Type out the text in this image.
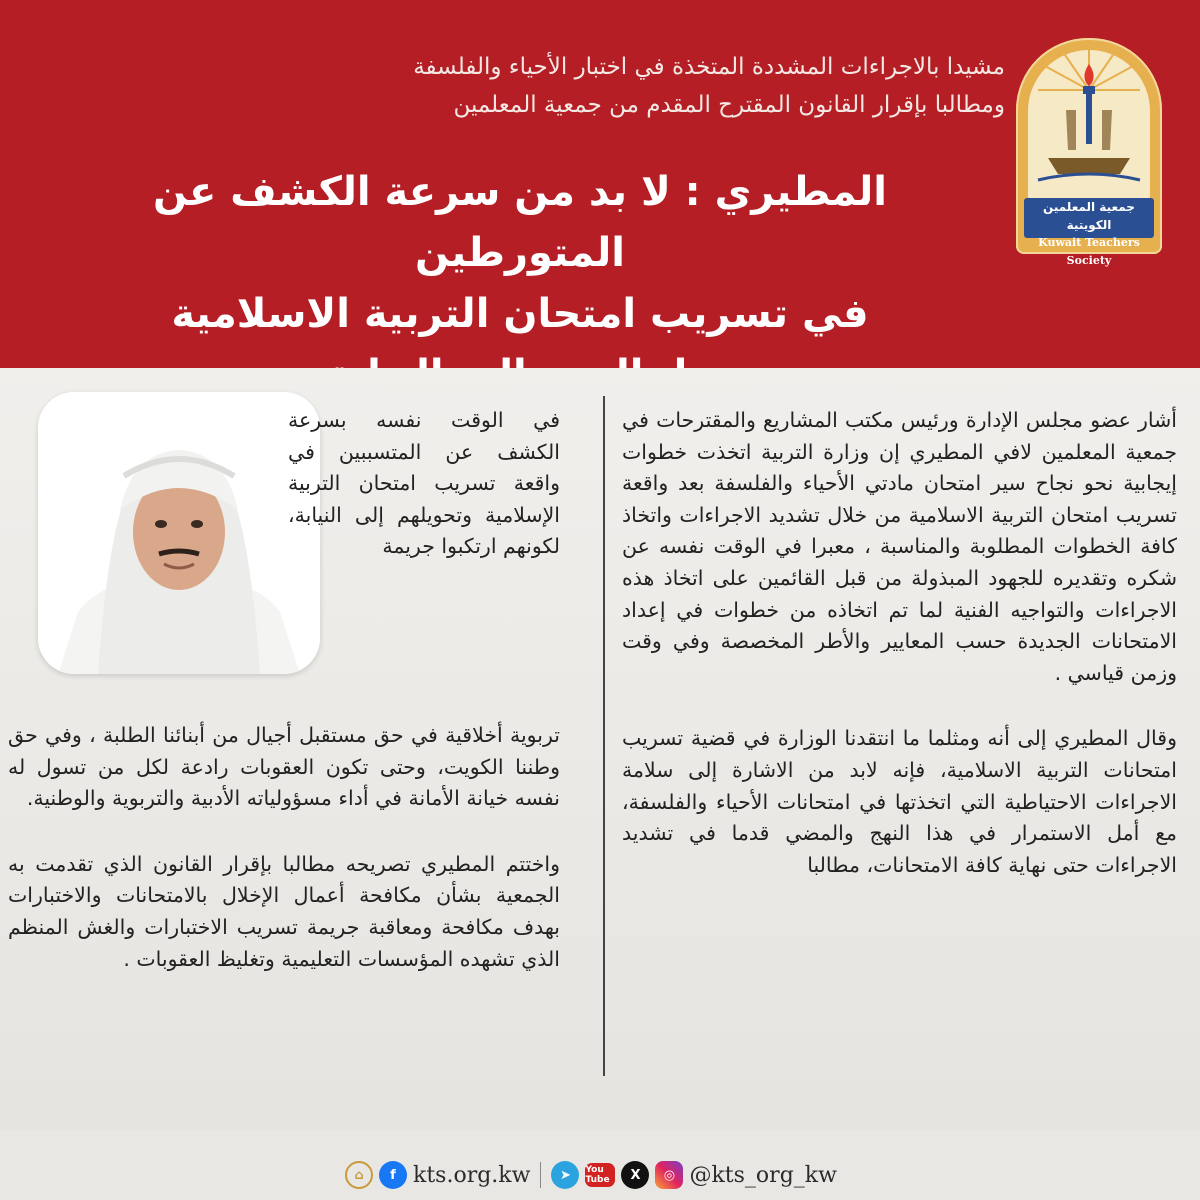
جمعية المعلمين الكويتية
Kuwait Teachers Society
مشيدا بالاجراءات المشددة المتخذة في اختبار الأحياء والفلسفة
ومطالبا بإقرار القانون المقترح المقدم من جمعية المعلمين
المطيري : لا بد من سرعة الكشف عن المتورطين
في تسريب امتحان التربية الاسلامية

أشار عضو مجلس الإدارة ورئيس مكتب المشاريع والمقترحات في جمعية المعلمين لافي المطيري إن وزارة التربية اتخذت خطوات إيجابية نحو نجاح سير امتحان مادتي الأحياء والفلسفة بعد واقعة تسريب امتحان التربية الاسلامية من خلال تشديد الاجراءات واتخاذ كافة الخطوات المطلوبة والمناسبة ، معبرا في الوقت نفسه عن شكره وتقديره للجهود المبذولة من قبل القائمين على اتخاذ هذه الاجراءات والتواجيه الفنية لما تم اتخاذه من خطوات في إعداد الامتحانات الجديدة حسب المعايير والأطر المخصصة وفي وقت وزمن قياسي .

وقال المطيري إلى أنه ومثلما ما انتقدنا الوزارة في قضية تسريب امتحانات التربية الاسلامية، فإنه لابد من الاشارة إلى سلامة الاجراءات الاحتياطية التي اتخذتها في امتحانات الأحياء والفلسفة، مع أمل الاستمرار في هذا النهج والمضي قدما في تشديد الاجراءات حتى نهاية كافة الامتحانات، مطالبا

في الوقت نفسه بسرعة الكشف عن المتسببين في واقعة تسريب امتحان التربية الإسلامية وتحويلهم إلى النيابة، لكونهم ارتكبوا جريمة

تربوية أخلاقية في حق مستقبل أجيال من أبنائنا الطلبة ، وفي حق وطننا الكويت، وحتى تكون العقوبات رادعة لكل من تسول له نفسه خيانة الأمانة في أداء مسؤولياته الأدبية والتربوية والوطنية.

واختتم المطيري تصريحه مطالبا بإقرار القانون الذي تقدمت به الجمعية بشأن مكافحة أعمال الإخلال بالامتحانات والاختبارات بهدف مكافحة ومعاقبة جريمة تسريب الاختبارات والغش المنظم الذي تشهده المؤسسات التعليمية وتغليظ العقوبات .

⌂	f kts.org.kw	➤	You Tube	X	◎ @kts_org_kw
